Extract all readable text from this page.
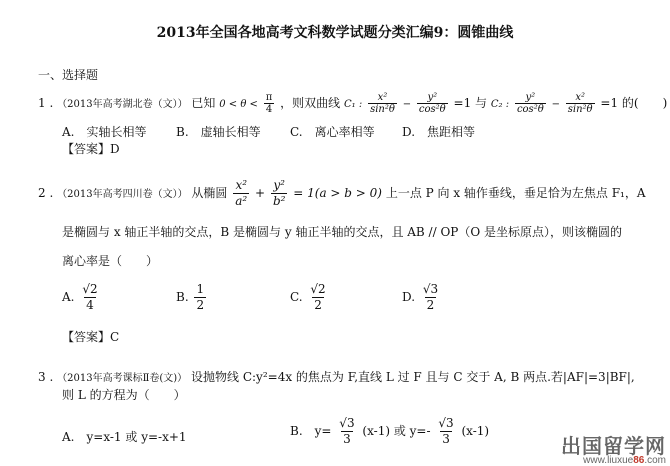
2013年全国各地高考文科数学试题分类汇编9：圆锥曲线
一、选择题
1 . （2013年高考湖北卷（文）） 已知 $0 < \theta < \frac{\pi}{4}$ ，则双曲线 C₁ : $\frac{\text{x²}}{\text{sin²θ}} - \frac{\text{y²}}{\text{cos²θ}} =1$ 与 C₂ : $\frac{\text{y²}}{\text{cos²θ}} - \frac{\text{x²}}{\text{sin²θ}} =1$ 的(　　)
A.　实轴长相等 B.　虚轴长相等 C.　离心率相等 D.　焦距相等
【答案】D
2 . （2013年高考四川卷（文）） 从椭圆 $\frac{\text{x²}}{\text{a²}} + \frac{\text{y²}}{\text{b²}} = 1(a > b > 0)$ 上一点 P 向 x 轴作垂线，垂足恰为左焦点 F₁，A
是椭圆与 x 轴正半轴的交点，B 是椭圆与 y 轴正半轴的交点，且 AB // OP（O 是坐标原点），则该椭圆的
离心率是（　　）
A. $\frac{√2}{4}$	B. $\frac{1}{2}$	C. $\frac{√2}{2}$	D. $\frac{√3}{2}$
【答案】C
3 . （2013年高考课标Ⅱ卷(文)） 设抛物线 C:y²=4x 的焦点为 F,直线 L 过 F 且与 C 交于 A, B 两点.若|AF|=3|BF|,
则 L 的方程为（　　）
A.　y=x-1 或 y=-x+1	B.　$y= \frac{√3}{3} (x-1)$ 或 $y=- \frac{√3}{3} (x-1)$
出国留学网
www.liuxue86.com
